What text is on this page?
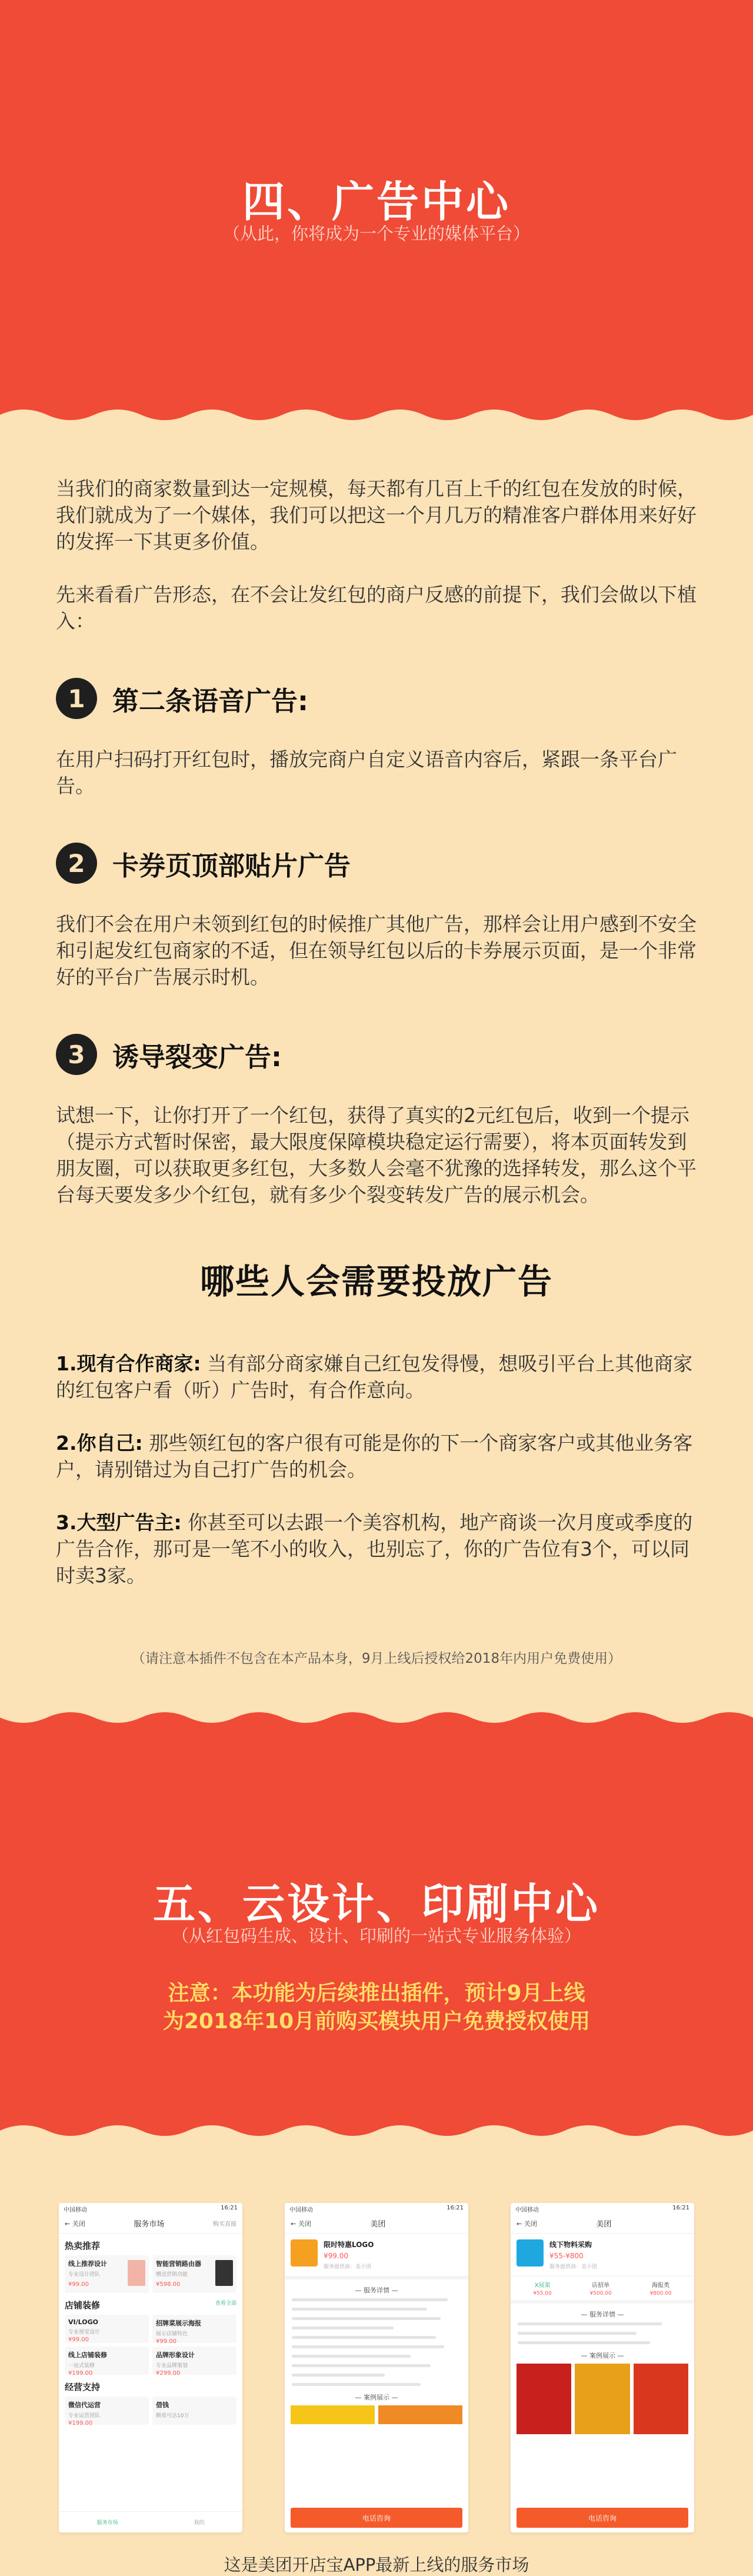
四、广告中心
（从此，你将成为一个专业的媒体平台）

当我们的商家数量到达一定规模，每天都有几百上千的红包在发放的时候，我们就成为了一个媒体，我们可以把这一个月几万的精准客户群体用来好好的发挥一下其更多价值。

先来看看广告形态，在不会让发红包的商户反感的前提下，我们会做以下植入：

1	第二条语音广告:

在用户扫码打开红包时，播放完商户自定义语音内容后，紧跟一条平台广告。

2	卡券页顶部贴片广告

我们不会在用户未领到红包的时候推广其他广告，那样会让用户感到不安全和引起发红包商家的不适，但在领导红包以后的卡券展示页面，是一个非常好的平台广告展示时机。

3	诱导裂变广告:

试想一下，让你打开了一个红包，获得了真实的2元红包后，收到一个提示（提示方式暂时保密，最大限度保障模块稳定运行需要），将本页面转发到朋友圈，可以获取更多红包，大多数人会毫不犹豫的选择转发，那么这个平台每天要发多少个红包，就有多少个裂变转发广告的展示机会。

哪些人会需要投放广告

1.现有合作商家: 当有部分商家嫌自己红包发得慢，想吸引平台上其他商家的红包客户看（听）广告时，有合作意向。

2.你自己: 那些领红包的客户很有可能是你的下一个商家客户或其他业务客户，请别错过为自己打广告的机会。

3.大型广告主: 你甚至可以去跟一个美容机构，地产商谈一次月度或季度的广告合作，那可是一笔不小的收入，也别忘了，你的广告位有3个，可以同时卖3家。

（请注意本插件不包含在本产品本身，9月上线后授权给2018年内用户免费使用）
五、云设计、印刷中心
（从红包码生成、设计、印刷的一站式专业服务体验）
注意：本功能为后续推出插件，预计9月上线
为2018年10月前购买模块用户免费授权使用
中国移动	16:21
← 关闭	服务市场	购买直接
热卖推荐
线上推荐设计
专业设计团队
¥99.00
智能营销路由器
赠送营销功能
¥598.00
店铺装修	查看全部
VI/LOGO
专业视觉设计
¥99.00
招牌菜展示海报
展示店铺特色
¥99.00
线上店铺装修
一站式装修
¥199.00
品牌形象设计
专业品牌策划
¥299.00
经营支持
微信代运营
专业运营团队
¥199.00
借钱
额度可达10万
服务市场	我的
中国移动	16:21
← 关闭	美团
限时特惠LOGO
¥99.00
服务提供商：美小团
— 服务详情 —
— 案例展示 —
电话咨询
中国移动	16:21
← 关闭	美团
线下物料采购
¥55-¥800
服务提供商：美小团
X展架
¥55.00
店招单
¥500.00
海报类
¥800.00
— 服务详情 —
— 案例展示 —
电话咨询
这是美团开店宝APP最新上线的服务市场
